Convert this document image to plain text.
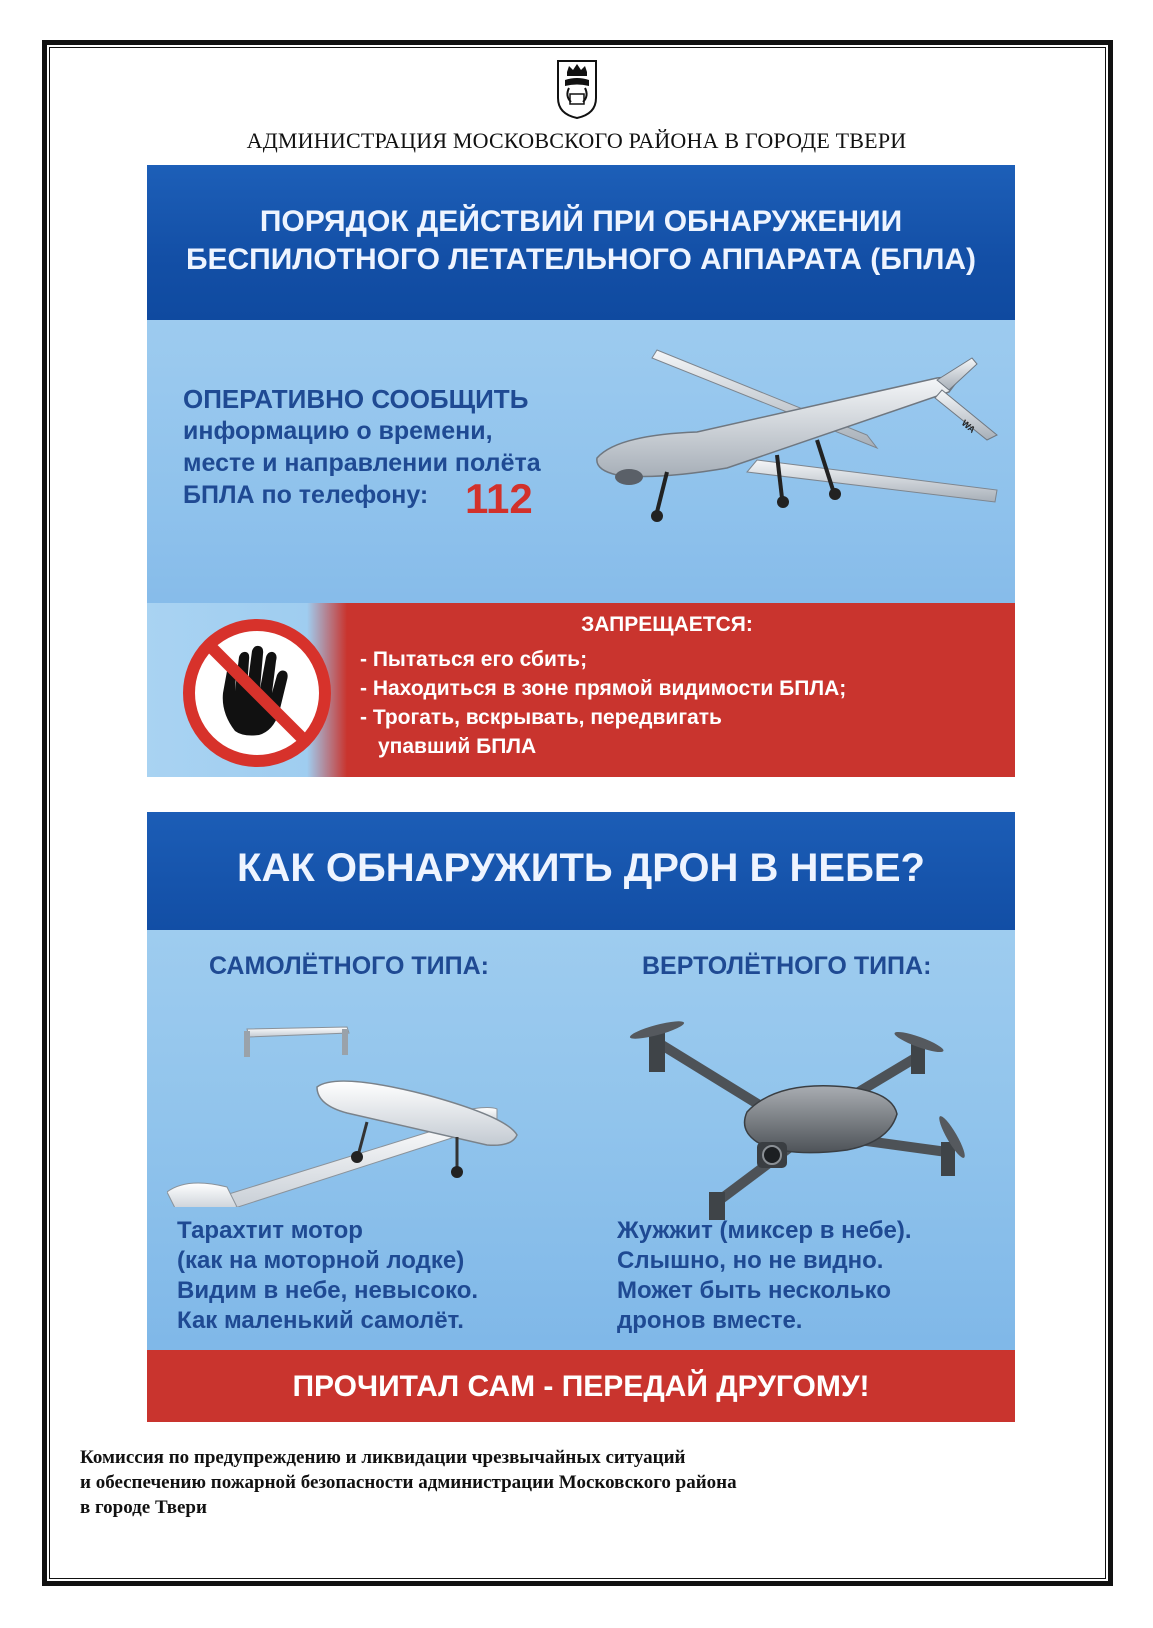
АДМИНИСТРАЦИЯ МОСКОВСКОГО РАЙОНА В ГОРОДЕ ТВЕРИ
ПОРЯДОК ДЕЙСТВИЙ ПРИ ОБНАРУЖЕНИИ
БЕСПИЛОТНОГО ЛЕТАТЕЛЬНОГО АППАРАТА (БПЛА)
ОПЕРАТИВНО СООБЩИТЬ
информацию о времени,
месте и направлении полёта
БПЛА по телефону: 112
WA
ЗАПРЕЩАЕТСЯ:
- Пытаться его сбить;
- Находиться в зоне прямой видимости БПЛА;
- Трогать, вскрывать, передвигать
упавший БПЛА
КАК ОБНАРУЖИТЬ ДРОН В НЕБЕ?
САМОЛЁТНОГО ТИПА:	ВЕРТОЛЁТНОГО ТИПА:
Тарахтит мотор
(как на моторной лодке)
Видим в небе, невысоко.
Как маленький самолёт.
Жужжит (миксер в небе).
Слышно, но не видно.
Может быть несколько
дронов вместе.
ПРОЧИТАЛ САМ - ПЕРЕДАЙ ДРУГОМУ!
Комиссия по предупреждению и ликвидации чрезвычайных ситуаций
и обеспечению пожарной безопасности администрации Московского района
в городе Твери
